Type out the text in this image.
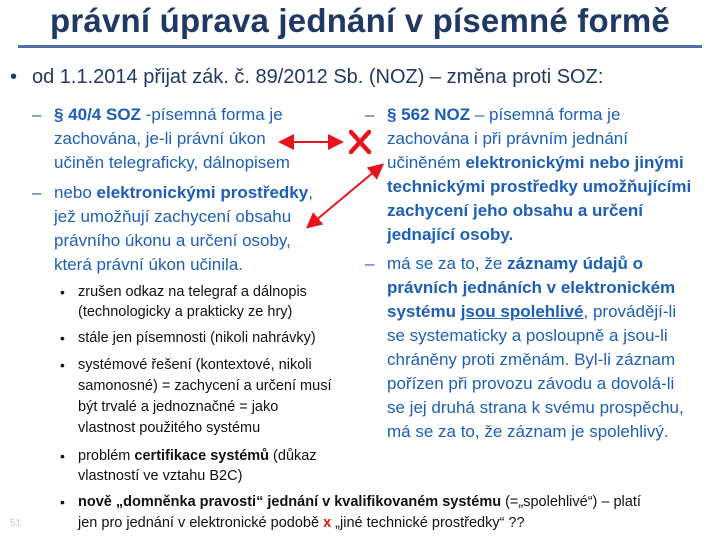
právní úprava jednání v písemné formě
• od 1.1.2014 přijat zák. č. 89/2012 Sb. (NOZ) – změna proti SOZ:
– § 40/4 SOZ -písemná forma je
zachována, je-li právní úkon
učiněn telegraficky, dálnopisem
– nebo elektronickými prostředky,
jež umožňují zachycení obsahu
právního úkonu a určení osoby,
která právní úkon učinila.
• zrušen odkaz na telegraf a dálnopis
(technologicky a prakticky ze hry)
• stále jen písemnosti (nikoli nahrávky)
• systémové řešení (kontextové, nikoli
samonosné) = zachycení a určení musí
být trvalé a jednoznačné = jako
vlastnost použitého systému
• problém certifikace systémů (důkaz
vlastností ve vztahu B2C)
– § 562 NOZ – písemná forma je
zachována i při právním jednání
učiněném elektronickými nebo jinými
technickými prostředky umožňujícími
zachycení jeho obsahu a určení
jednající osoby.
– má se za to, že záznamy údajů o
právních jednáních v elektronickém
systému jsou spolehlivé, provádějí-li
se systematicky a posloupně a jsou-li
chráněny proti změnám. Byl-li záznam
pořízen při provozu závodu a dovolá-li
se jej druhá strana k svému prospěchu,
má se za to, že záznam je spolehlivý.
• nově „domněnka pravosti“ jednání v kvalifikovaném systému (=„spolehlivé“) – platí
jen pro jednání v elektronické podobě x „jiné technické prostředky“ ??
51
